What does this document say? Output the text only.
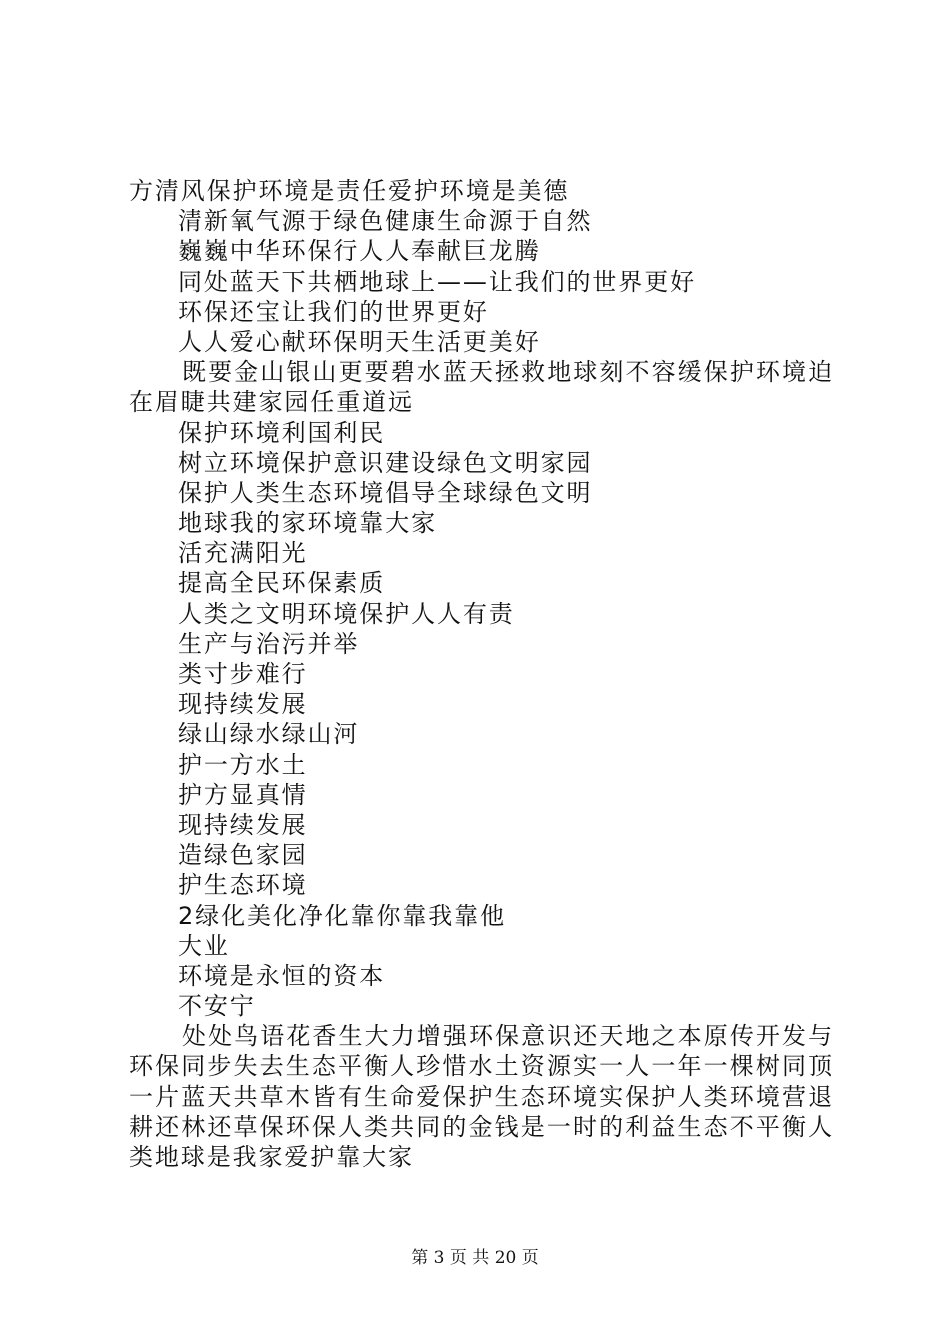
方清风保护环境是责任爱护环境是美德
清新氧气源于绿色健康生命源于自然
巍巍中华环保行人人奉献巨龙腾
同处蓝天下共栖地球上——让我们的世界更好
环保还宝让我们的世界更好
人人爱心献环保明天生活更美好
既要金山银山更要碧水蓝天拯救地球刻不容缓保护环境迫在眉睫共建家园任重道远
保护环境利国利民
树立环境保护意识建设绿色文明家园
保护人类生态环境倡导全球绿色文明
地球我的家环境靠大家
活充满阳光
提高全民环保素质
人类之文明环境保护人人有责
生产与治污并举
类寸步难行
现持续发展
绿山绿水绿山河
护一方水土
护方显真情
现持续发展
造绿色家园
护生态环境
2绿化美化净化靠你靠我靠他
大业
环境是永恒的资本
不安宁
处处鸟语花香生大力增强环保意识还天地之本原传开发与环保同步失去生态平衡人珍惜水土资源实一人一年一棵树同顶一片蓝天共草木皆有生命爱保护生态环境实保护人类环境营退耕还林还草保环保人类共同的金钱是一时的利益生态不平衡人类地球是我家爱护靠大家
第 3 页 共 20 页
